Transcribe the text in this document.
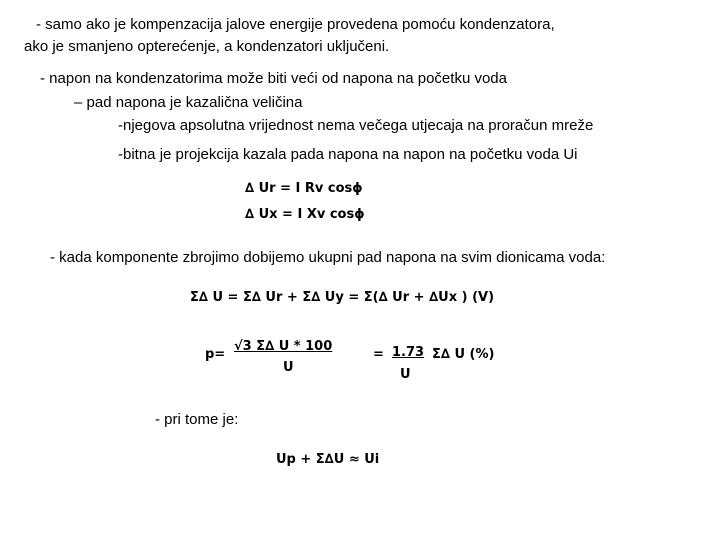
- samo ako je kompenzacija jalove energije provedena pomoću kondenzatora,
ako je smanjeno opterećenje, a kondenzatori uključeni.
- napon na kondenzatorima može biti veći od napona na početku voda
– pad napona je kazalična veličina
-njegova apsolutna vrijednost nema večega utjecaja na proračun mreže
-bitna je projekcija kazala pada napona na napon na početku voda Ui
∆ Ur = I Rv cosϕ
∆ Ux = I Xv cosϕ
- kada komponente zbrojimo dobijemo ukupni pad napona na svim dionicama voda:
Σ∆ U = Σ∆ Ur + Σ∆ Uy = Σ(∆ Ur + ∆Ux ) (V)
p=
√3 Σ∆ U * 100
U
= 1.73
U
Σ∆ U (%)
- pri tome je:
Up + Σ∆U ≈ Ui
